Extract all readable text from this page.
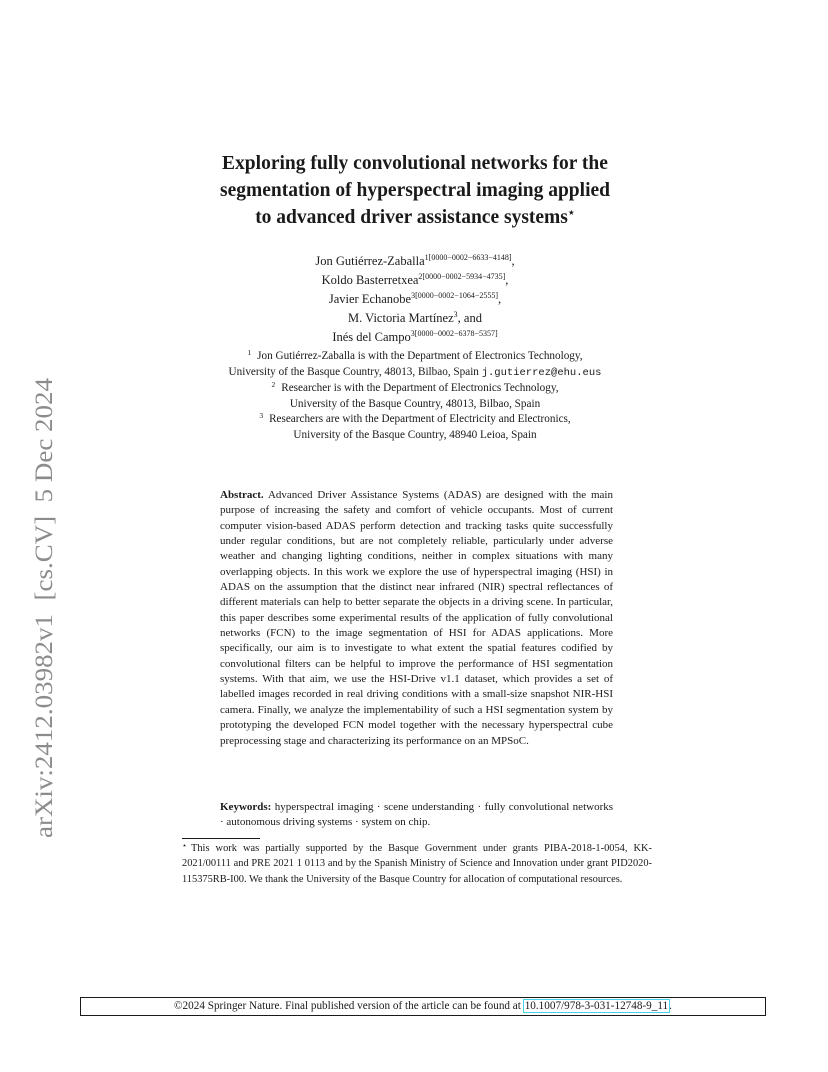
arXiv:2412.03982v1  [cs.CV]  5 Dec 2024
Exploring fully convolutional networks for the
segmentation of hyperspectral imaging applied
to advanced driver assistance systems⋆
Jon Gutiérrez-Zaballa$^{1[0000-0002-6633-4148]}$,
Koldo Basterretxea$^{2[0000-0002-5934-4735]}$,
Javier Echanobe$^{3[0000-0002-1064-2555]}$,
M. Victoria Martínez$^3$, and
Inés del Campo$^{3[0000-0002-6378-5357]}$
$^1$ Jon Gutiérrez-Zaballa is with the Department of Electronics Technology,
University of the Basque Country, 48013, Bilbao, Spain j.gutierrez@ehu.eus
$^2$ Researcher is with the Department of Electronics Technology,
University of the Basque Country, 48013, Bilbao, Spain
$^3$ Researchers are with the Department of Electricity and Electronics,
University of the Basque Country, 48940 Leioa, Spain
Abstract. Advanced Driver Assistance Systems (ADAS) are designed with the main purpose of increasing the safety and comfort of vehicle occupants. Most of current computer vision-based ADAS perform detection and tracking tasks quite successfully under regular conditions, but are not completely reliable, particularly under adverse weather and changing lighting conditions, neither in complex situations with many overlapping objects. In this work we explore the use of hyperspectral imaging (HSI) in ADAS on the assumption that the distinct near infrared (NIR) spectral reflectances of different materials can help to better separate the objects in a driving scene. In particular, this paper describes some experimental results of the application of fully convolutional networks (FCN) to the image segmentation of HSI for ADAS applications. More specifically, our aim is to investigate to what extent the spatial features codified by convolutional filters can be helpful to improve the performance of HSI segmentation systems. With that aim, we use the HSI-Drive v1.1 dataset, which provides a set of labelled images recorded in real driving conditions with a small-size snapshot NIR-HSI camera. Finally, we analyze the implementability of such a HSI segmentation system by prototyping the developed FCN model together with the necessary hyperspectral cube preprocessing stage and characterizing its performance on an MPSoC.
Keywords: hyperspectral imaging · scene understanding · fully convolutional networks · autonomous driving systems · system on chip.
⋆ This work was partially supported by the Basque Government under grants PIBA-2018-1-0054, KK-2021/00111 and PRE 2021 1 0113 and by the Spanish Ministry of Science and Innovation under grant PID2020-115375RB-I00. We thank the University of the Basque Country for allocation of computational resources.
©2024 Springer Nature. Final published version of the article can be found at 10.1007/978-3-031-12748-9_11.
